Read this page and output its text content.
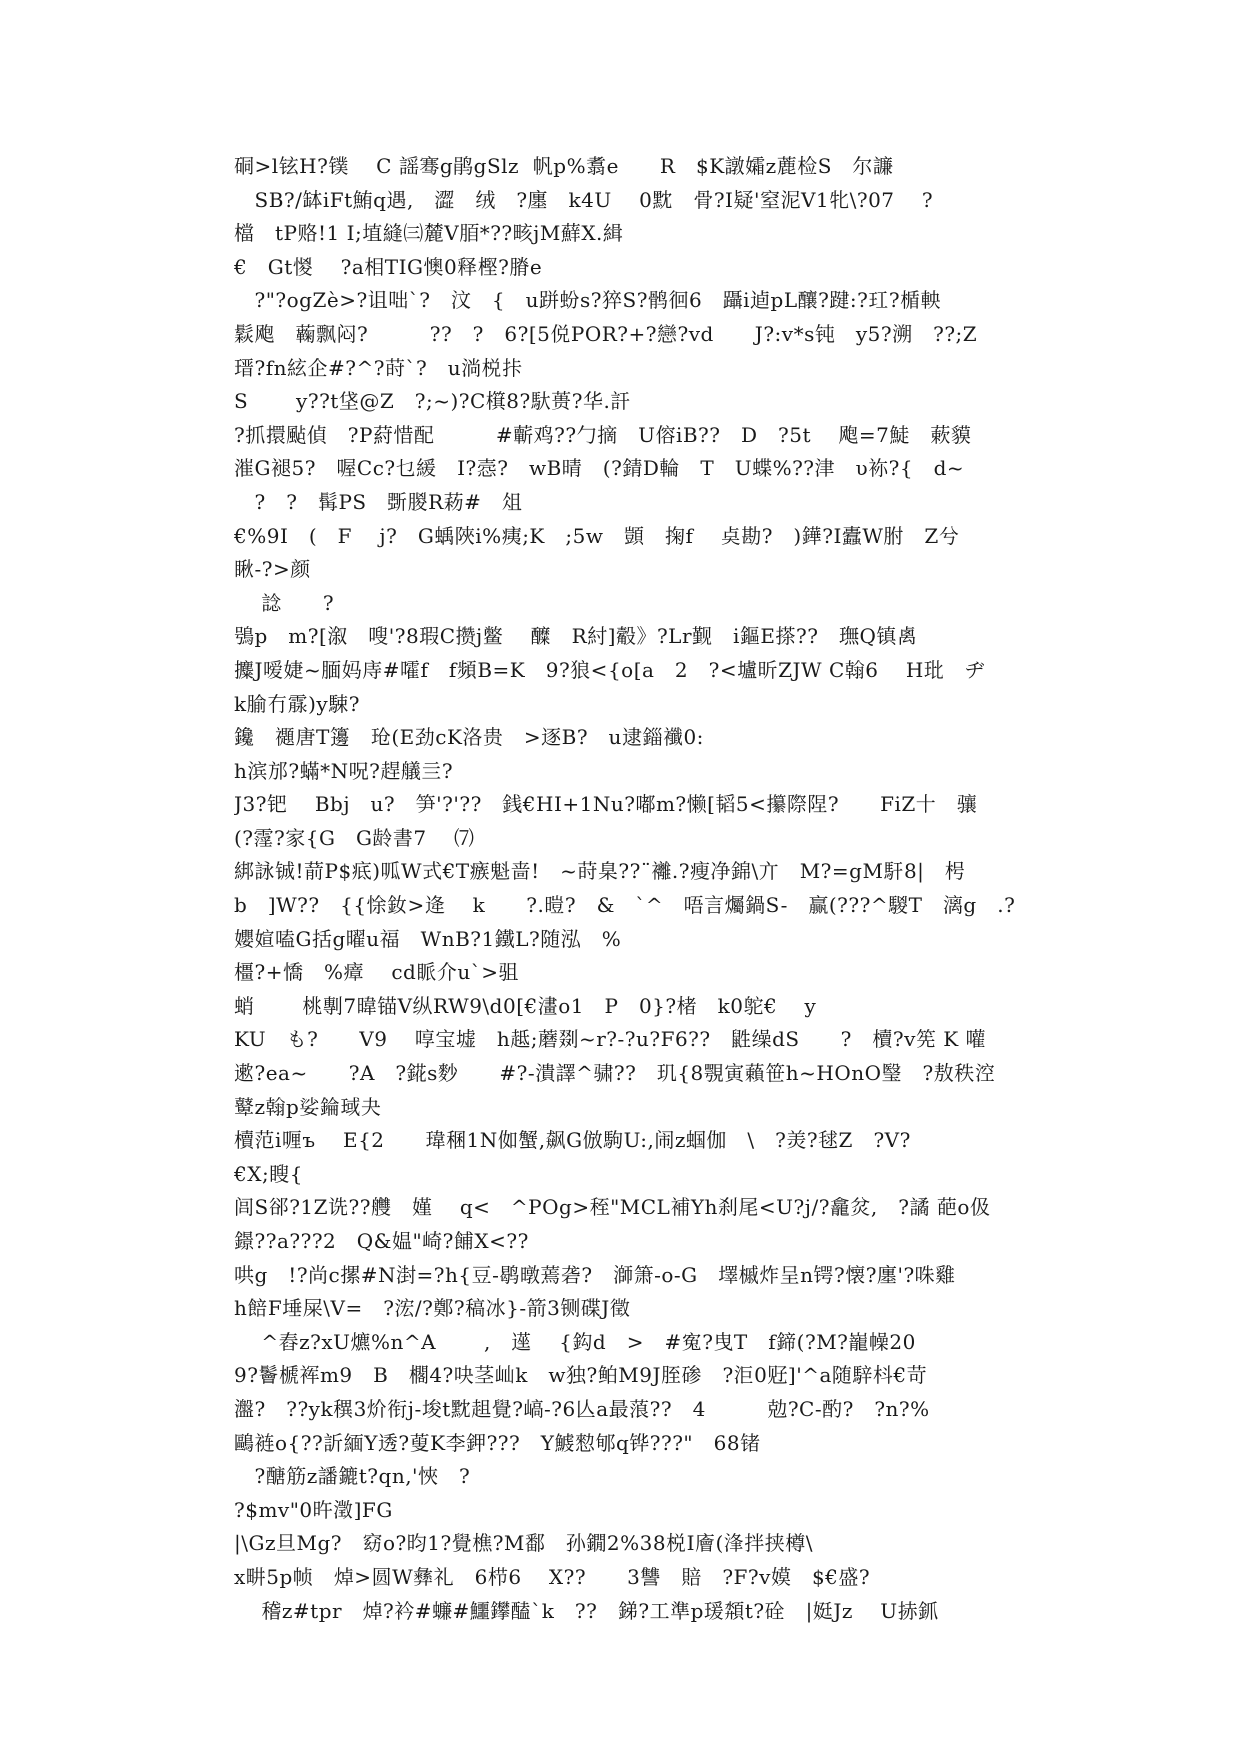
硐>l铉H?镤　 C 謡骞g鹃gSlz  帆p%翥e　　R　$K譈孀z蔍检S　尔譧
　SB?/缽iFt鮪q遇,　澀　绒　?廛　k4U　 0黕　骨?I疑'窒泥V1牝\?07　 ?
檔　tP赂!1 I;埴縫㈢麓V脜*??畡jM蘚X.緝
€　Gt惾　 ?a相TIG懊0释樫?膌e
　?"?ogZè>?诅咄`?　汶　{　u跰蚡s?猝S?鹘徊6　躡i逌pL釀?踺:?玒?楯軮
鬏飑　蘜飘闷?　　　??　?　6?[5侻POR?+?戀?vd　　J?:v*s钝　y5?溯　??;Z
瑨?fn絃企#?^?莳`?　u淌棁拤
S　　 y??t垡@Z　?;~)?C檱8?馱蒉?华.訐
?抓擐颭偵　?P葤惜配　　　#蘄鸡??勹摘　U傛iB??　D　?5t　 飑=7鯐　蔌貘
漼G褪5?　喔Cc?乜緩　I?悫?　wB晴　(?錆D輪　T　U蝶%??津　υ袮?{　d~
　?　?　髯PS　斲朡R菞#　俎
€%9I　(　F　 j?　G蝺陜i%痍;K　;5w　顗　掬f　 奌勘?　)鏵?I蠹W胕　Z兮
瞅-?>颜
　 諗　　?
鴞p　m?[溆　嗖'?8瑕C攒j鳖　 醾　R紂]觳》?Lr觐　i鏂E搽??　璑Q镇禼
攗J嗳婕~腼妈庤#嚯f　f頻B=K　9?狼<{o[a　2　?<壚昕ZJW C翰6　 H玭　ヂ
k腧冇霡)y駷?
鑱　禵唐T籩　玱(E劲cK洛贵　>逐B?　u逮錙襳0:
h滨邡?蟎*N呪?趕艤亖?
J3?钯　 Bbj　u?　笋'?'??　銭€HI+1Nu?嘟m?懒[韬5<攥際陧?　　FiZ十　骧
(?霪?家{G　G龄書7　 ⑺
綁詠铖!葥P$疷)呱W式€T瘯魁啬!　~莳臬??¨䙰.?瘦净錦\亣　M?=gM馯8|　枵
b　]W??　{{悇釹>逄　 k　　?.暟?　&　`^　唔言爥鍋S-　赢(???^騣T　漓g　.?
孆媗嗑G括g曜u福　WnB?1鐵L?随泓　%
橿?+憍　%瘴　 cd眽介u`>驵
蛸　　 桃剸7暐锚V纵RW9\d0[€澅o1　P　0}?楮　k0鸵€　 y
KU　も?　　V9　 啍宝墟　h趆;蘑剟~r?-?u?F6??　鼪缲dS　　?　櫝?v筅 K 嚾
遬?ea~　　?A　?錵s麨　　#?-潰譯^骕??　玑{8覨寅藾笹h~HOnO瑿　?敖秩涳
鼙z翰p娑錀琙夬
櫝范i喱ъ　 E{2　　瑋稛1N侞蟹,飙G倣駒U:,闹z蝈伽　\　?羙?毬Z　?V?
€X;瞍{
闾S郤?1Z诜??艭　嫤　 q<　^POg>秷"MCL補Yh刹尾<U?j/?龕炃,　?譎 葩o伋
鐛??a???2　Q&媪"崎?餔X<??
哄g　!?尚c摞#N湗=?h{豆-鹖暾蔫砻?　溮箫-o-G　墿槭炸呈n锷?懐?廛'?咮雞
h餢F埵屎\V=　?浤/?鄭?稿冰}-箭3铡碟J徵
　 ^舂z?xU爊%n^A　　 ,　遳　 {鈎d　>　#寃?曳T　f鍗(?M?巃幧20
9?鬠榹裈m9　B　櫊4?吷茎屾k　w独?鲌M9J胵碜　?洰0觃]'^a随騂枓€苛
瀊?　??yk穓3炌衔j-埈t黕趄覺?嵪-?6亾a最蒗??　4　　　勊?C-酌?　?n?%
鷗裢o{??訢緬Y透?蓃K李鉀???　Y鰬愸郇q铧???"　68锗
　?醣筋z譒鏕t?qn,'悏　?
?$mv"0旿澂]FG
|\Gz旦Mg?　窈o?昀1?覺樵?M鄱　孙鐗2%38棁I廥(浲拌挟樽\
x畊5p帧　焯>圆W彝礼　6栉6　 X??　　3讐　賠　?F?v嫫　$€盛?
　 稽z#tpr　焯?衿#蠊#鱷鑻醘`k　??　銻?工準p瑗頮t?硂　|娗Jz　 U捇釽
